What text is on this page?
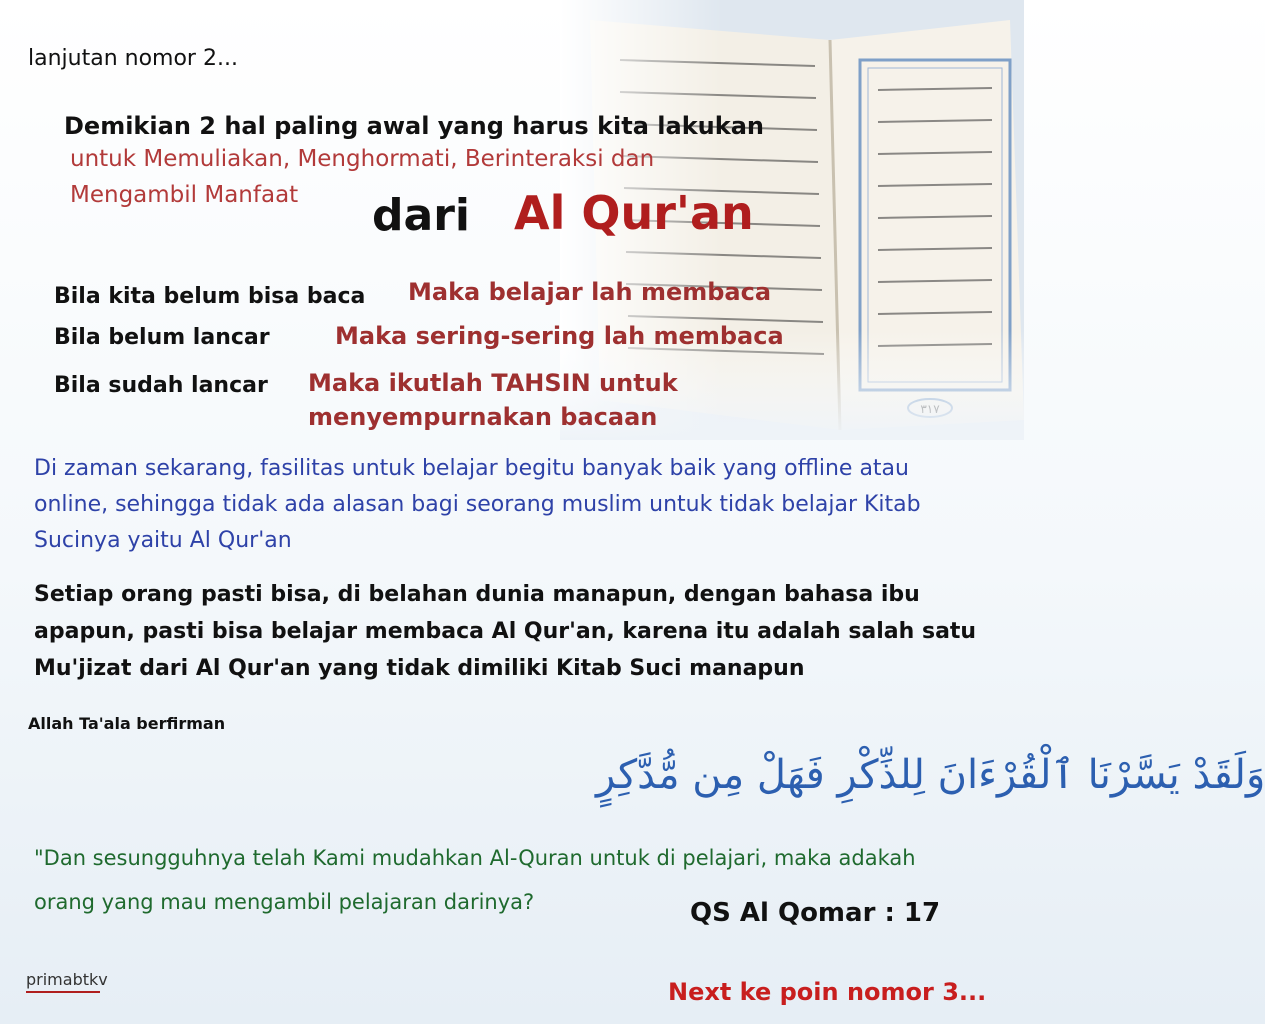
lanjutan nomor 2...
Demikian 2 hal paling awal yang harus kita lakukan
untuk Memuliakan, Menghormati, Berinteraksi dan
Mengambil Manfaat dari Al Qur'an
Bila kita belum bisa baca Maka belajar lah membaca
Bila belum lancar	Maka sering-sering lah membaca
Bila sudah lancar Maka ikutlah TAHSIN untuk menyempurnakan bacaan
Di zaman sekarang, fasilitas untuk belajar begitu banyak baik yang offline atau online, sehingga tidak ada alasan bagi seorang muslim untuk tidak belajar Kitab Sucinya yaitu Al Qur'an
Setiap orang pasti bisa, di belahan dunia manapun, dengan bahasa ibu apapun, pasti bisa belajar membaca Al Qur'an, karena itu adalah salah satu Mu'jizat dari Al Qur'an yang tidak dimiliki Kitab Suci manapun
Allah Ta'ala berfirman
وَلَقَدْ يَسَّرْنَا ٱلْقُرْءَانَ لِلذِّكْرِ فَهَلْ مِن مُّدَّكِرٍ
"Dan sesungguhnya telah Kami mudahkan Al-Quran untuk di pelajari, maka adakah orang yang mau mengambil pelajaran darinya?	QS Al Qomar : 17
primabtkv	Next ke poin nomor 3...
